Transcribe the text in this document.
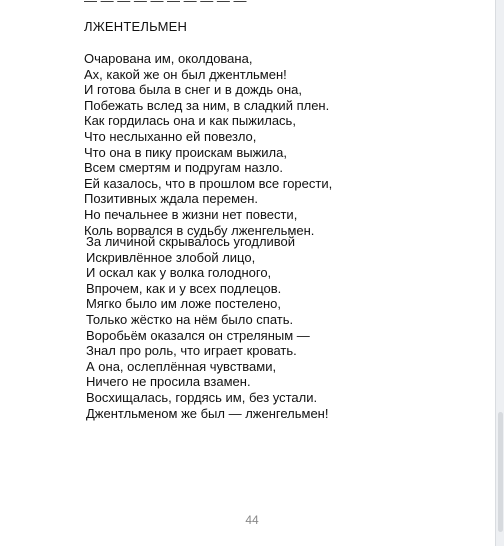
— — — — — — — — — —
ЛЖЕНТЕЛЬМЕН
Очарована им, околдована,
Ах, какой же он был джентльмен!
И готова была в снег и в дождь она,
Побежать вслед за ним, в сладкий плен.
Как гордилась она и как пыжилась,
Что неслыханно ей повезло,
Что она в пику проискам выжила,
Всем смертям и подругам назло.
Ей казалось, что в прошлом все горести,
Позитивных ждала перемен.
Но печальнее в жизни нет повести,
Коль ворвался в судьбу лженгельмен.
За личиной скрывалось угодливой
Искривлённое злобой лицо,
И оскал как у волка голодного,
Впрочем, как и у всех подлецов.
Мягко было им ложе постелено,
Только жёстко на нём было спать.
Воробьём оказался он стреляным —
Знал про роль, что играет кровать.
А она, ослеплённая чувствами,
Ничего не просила взамен.
Восхищалась, гордясь им, без устали.
Джентльменом же был — лженгельмен!
44
